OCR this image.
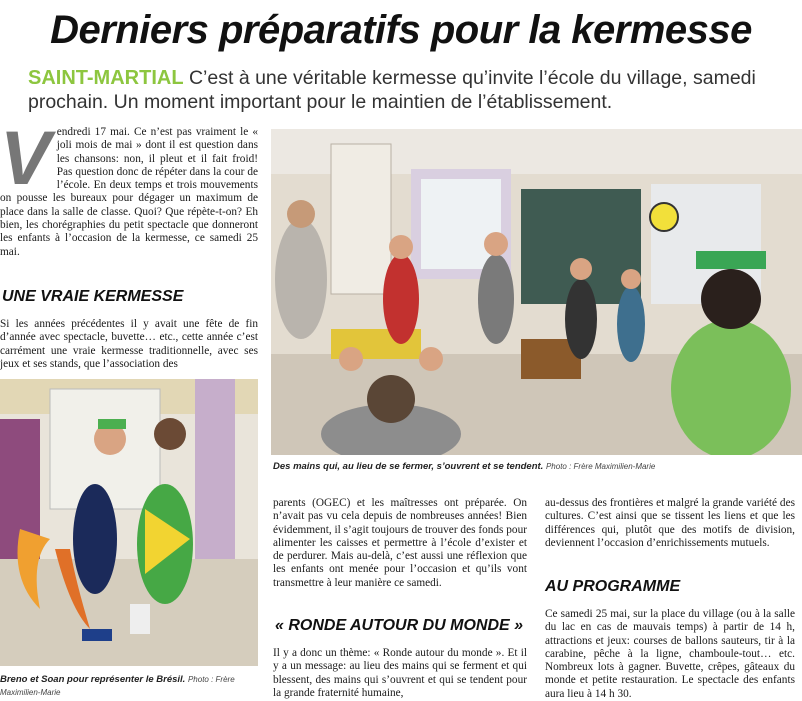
Derniers préparatifs pour la kermesse
SAINT-MARTIAL C’est à une véritable kermesse qu’invite l’école du village, samedi prochain. Un moment important pour le maintien de l’établissement.
V endredi 17 mai. Ce n’est pas vraiment le « joli mois de mai » dont il est question dans les chansons: non, il pleut et il fait froid! Pas question donc de répéter dans la cour de l’école. En deux temps et trois mouvements on pousse les bureaux pour dégager un maximum de place dans la salle de classe. Quoi? Que répète-t-on? Eh bien, les chorégraphies du petit spectacle que donneront les enfants à l’occasion de la kermesse, ce samedi 25 mai.
UNE VRAIE KERMESSE
Si les années précédentes il y avait une fête de fin d’année avec spectacle, buvette… etc., cette année c’est carrément une vraie kermesse traditionnelle, avec ses jeux et ses stands, que l’association des
Des mains qui, au lieu de se fermer, s’ouvrent et se tendent. Photo : Frère Maximilien-Marie
Breno et Soan pour représenter le Brésil. Photo : Frère Maximilien-Marie
parents (OGEC) et les maîtresses ont préparée. On n’avait pas vu cela depuis de nombreuses années! Bien évidemment, il s’agit toujours de trouver des fonds pour alimenter les caisses et permettre à l’école d’exister et de perdurer. Mais au-delà, c’est aussi une réflexion que les enfants ont menée pour l’occasion et qu’ils vont transmettre à leur manière ce samedi.
« RONDE AUTOUR DU MONDE »
Il y a donc un thème: « Ronde autour du monde ». Et il y a un message: au lieu des mains qui se ferment et qui blessent, des mains qui s’ouvrent et qui se tendent pour la grande fraternité humaine,
au-dessus des frontières et malgré la grande variété des cultures. C’est ainsi que se tissent les liens et que les différences qui, plutôt que des motifs de division, deviennent l’occasion d’enrichissements mutuels.
AU PROGRAMME
Ce samedi 25 mai, sur la place du village (ou à la salle du lac en cas de mauvais temps) à partir de 14 h, attractions et jeux: courses de ballons sauteurs, tir à la carabine, pêche à la ligne, chamboule-tout… etc. Nombreux lots à gagner. Buvette, crêpes, gâteaux du monde et petite restauration. Le spectacle des enfants aura lieu à 14 h 30.
